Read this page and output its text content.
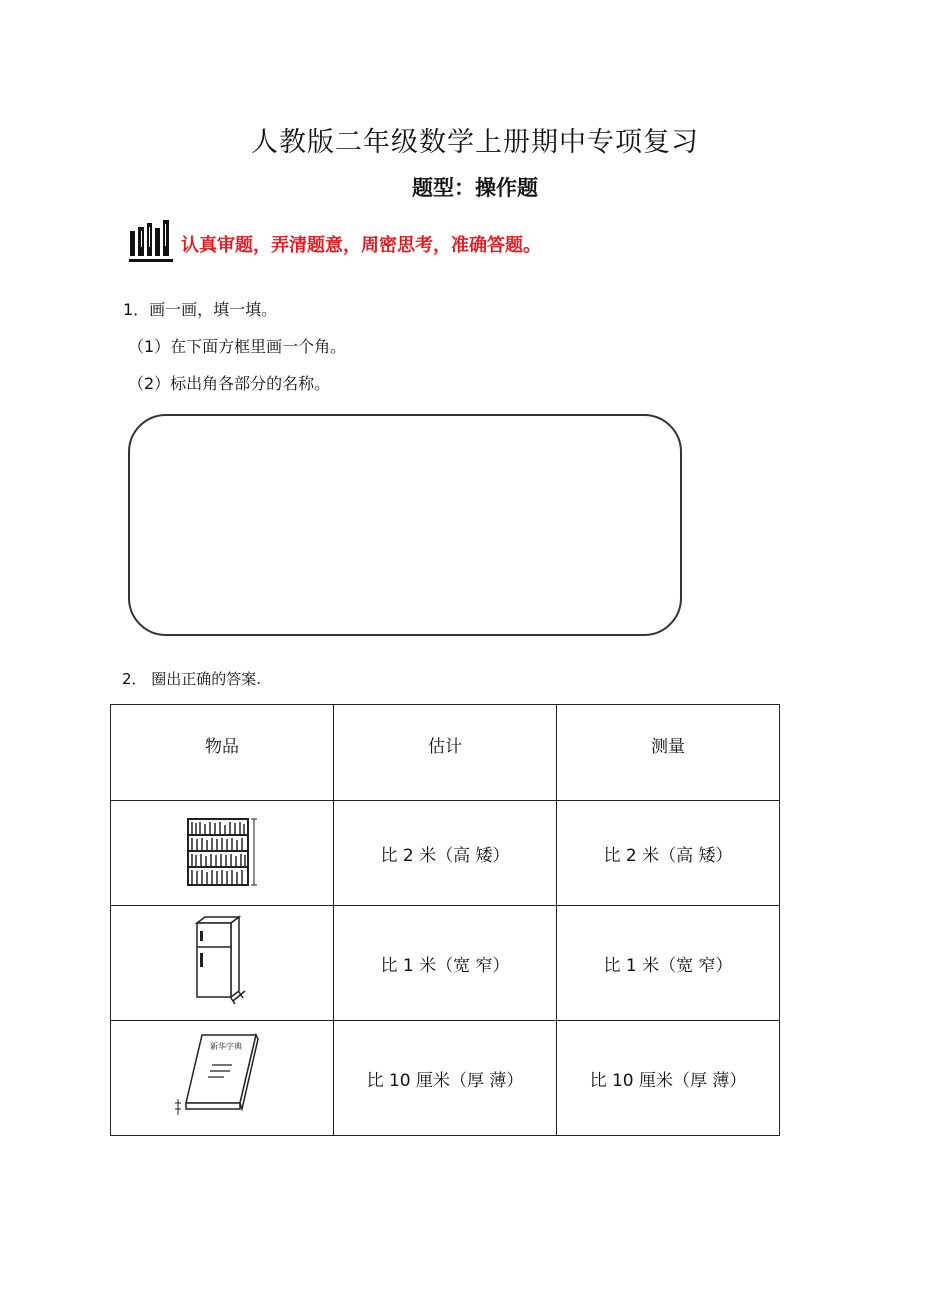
人教版二年级数学上册期中专项复习
题型：操作题
认真审题，弄清题意，周密思考，准确答题。
1．画一画，填一填。
（1）在下面方框里画一个角。
（2）标出角各部分的名称。
2． 圈出正确的答案.
物品	估计	测量
	比 2 米（高 矮）	比 2 米（高 矮）
	比 1 米（宽 窄）	比 1 米（宽 窄）

新华字典	比 10 厘米（厚 薄）	比 10 厘米（厚 薄）
